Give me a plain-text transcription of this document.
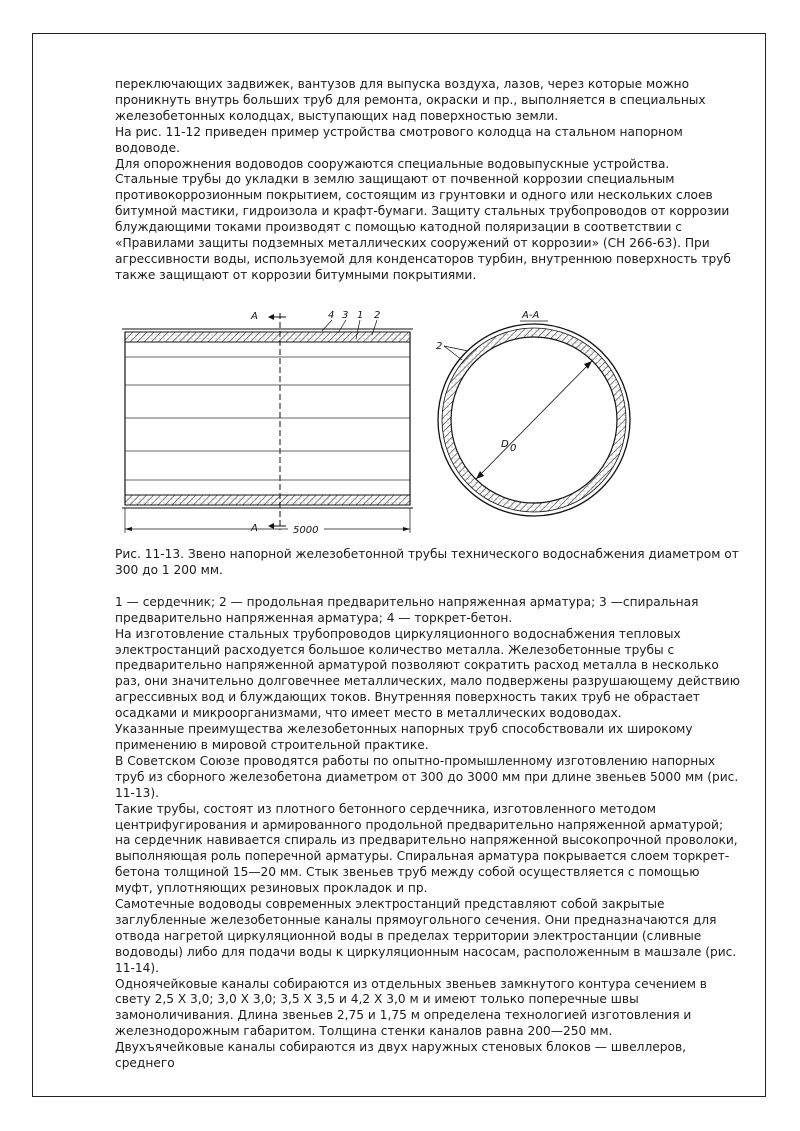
переключающих задвижек, вантузов для выпуска воздуха, лазов, через которые можно проникнуть внутрь больших труб для ремонта, окраски и пр., выполняется в специальных железобетонных колодцах, выступающих над поверхностью земли.

На рис. 11-12 приведен пример устройства смотрового колодца на стальном напорном водоводе.

Для опорожнения водоводов сооружаются специальные водовыпускные устройства.

Стальные трубы до укладки в землю защищают от почвенной коррозии специальным противокоррозионным покрытием, состоящим из грунтовки и одного или нескольких слоев битумной мастики, гидроизола и крафт-бумаги. Защиту стальных трубопроводов от коррозии блуждающими токами производят с помощью катодной поляризации в соответствии с «Правилами защиты подземных металлических сооружений от коррозии» (СН 266-63). При агрессивности воды, используемой для конденсаторов турбин, внутреннюю поверхность труб также защищают от коррозии битумными покрытиями.

А
А
4 3 1 2
5000
А-А
D 0
2

Рис. 11-13. Звено напорной железобетонной трубы технического водоснабжения диаметром от 300 до 1 200 мм.

1 — сердечник; 2 — продольная предварительно напряженная арматура; 3 —спиральная предварительно напряженная арматура; 4 — торкрет-бетон.

На изготовление стальных трубопроводов циркуляционного водоснабжения тепловых электростанций расходуется большое количество металла. Железобетонные трубы с предварительно напряженной арматурой позволяют сократить расход металла в несколько раз, они значительно долговечнее металлических, мало подвержены разрушающему действию агрессивных вод и блуждающих токов. Внутренняя поверхность таких труб не обрастает осадками и микроорганизмами, что имеет место в металлических водоводах.

Указанные преимущества железобетонных напорных труб способствовали их широкому применению в мировой строительной практике.

В Советском Союзе проводятся работы по опытно-промышленному изготовлению напорных труб из сборного железобетона диаметром от 300 до 3000 мм при длине звеньев 5000 мм (рис. 11-13).

Такие трубы, состоят из плотного бетонного сердечника, изготовленного методом центрифугирования и армированного продольной предварительно напряженной арматурой;

на сердечник навивается спираль из предварительно напряженной высокопрочной проволоки, выполняющая роль поперечной арматуры. Спиральная арматура покрывается слоем торкрет-бетона толщиной 15—20 мм. Стык звеньев труб между собой осуществляется с помощью муфт, уплотняющих резиновых прокладок и пр.

Самотечные водоводы современных электростанций представляют собой закрытые заглубленные железобетонные каналы прямоугольного сечения. Они предназначаются для отвода нагретой циркуляционной воды в пределах территории электростанции (сливные водоводы) либо для подачи воды к циркуляционным насосам, расположенным в машзале (рис. 11-14).

Одноячейковые каналы собираются из отдельных звеньев замкнутого контура сечением в свету 2,5 X 3,0; 3,0 X 3,0; 3,5 X 3,5 и 4,2 X 3,0 м и имеют только поперечные швы замоноличивания. Длина звеньев 2,75 и 1,75 м определена технологией изготовления и железнодорожным габаритом. Толщина стенки каналов равна 200—250 мм.

Двухъячейковые каналы собираются из двух наружных стеновых блоков — швеллеров, среднего
